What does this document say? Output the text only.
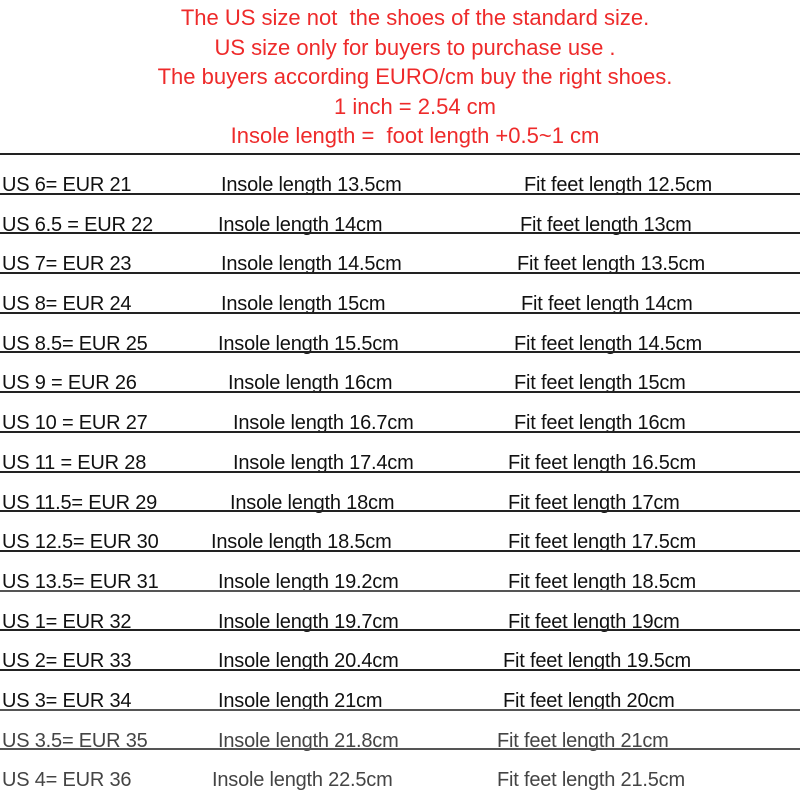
The US size not  the shoes of the standard size.
US size only for buyers to purchase use .
The buyers according EURO/cm buy the right shoes.
1 inch = 2.54 cm
Insole length =  foot length +0.5~1 cm
US 6= EUR 21	Insole length 13.5cm	Fit feet length 12.5cm
US 6.5 = EUR 22	Insole length 14cm	Fit feet length 13cm
US 7= EUR 23	Insole length 14.5cm	Fit feet length 13.5cm
US 8= EUR 24	Insole length 15cm	Fit feet length 14cm
US 8.5= EUR 25	Insole length 15.5cm	Fit feet length 14.5cm
US 9 = EUR 26	Insole length 16cm	Fit feet length 15cm
US 10 = EUR 27	Insole length 16.7cm	Fit feet length 16cm
US 11 = EUR 28	Insole length 17.4cm	Fit feet length 16.5cm
US 11.5= EUR 29	Insole length 18cm	Fit feet length 17cm
US 12.5= EUR 30	Insole length 18.5cm	Fit feet length 17.5cm
US 13.5= EUR 31	Insole length 19.2cm	Fit feet length 18.5cm
US 1= EUR 32	Insole length 19.7cm	Fit feet length 19cm
US 2= EUR 33	Insole length 20.4cm	Fit feet length 19.5cm
US 3= EUR 34	Insole length 21cm	Fit feet length 20cm
US 3.5= EUR 35	Insole length 21.8cm	Fit feet length 21cm
US 4= EUR 36	Insole length 22.5cm	Fit feet length 21.5cm
